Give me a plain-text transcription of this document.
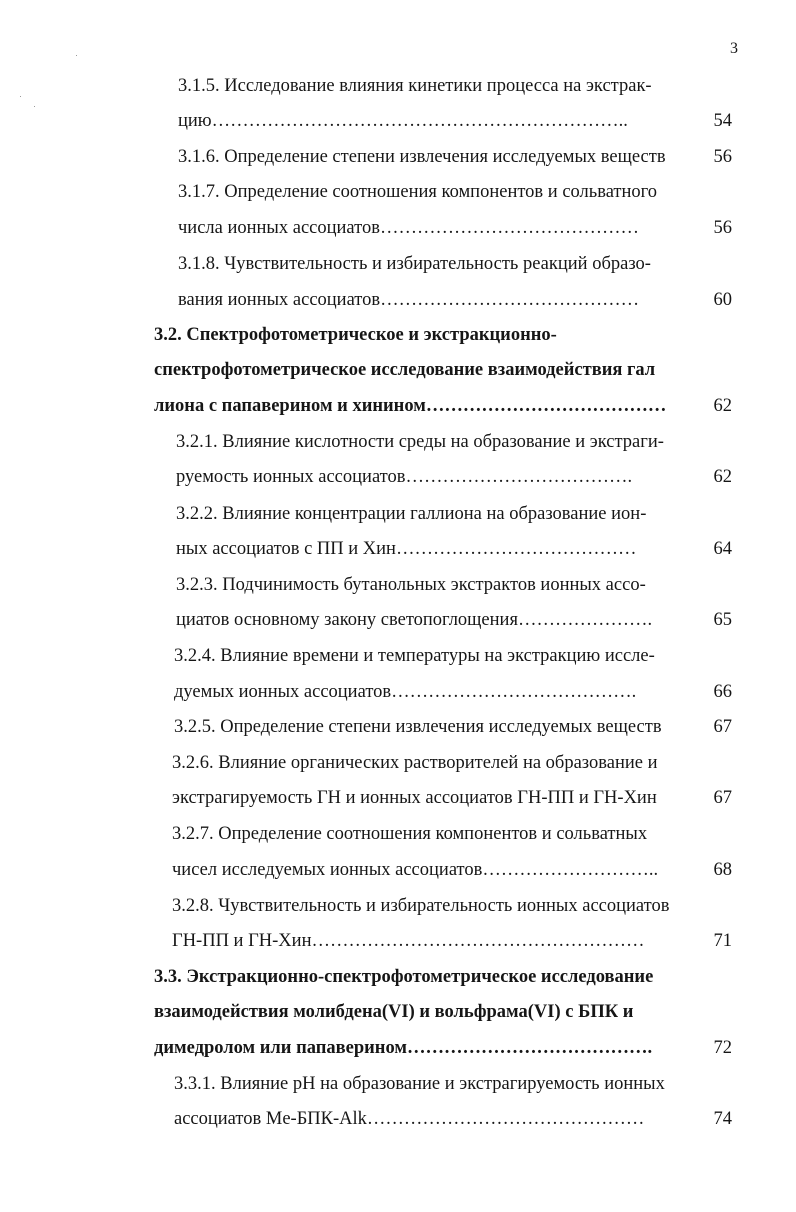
3
3.1.5. Исследование влияния кинетики процесса на экстрак-
цию…………………………………………………………..	54
3.1.6. Определение степени извлечения исследуемых веществ	56
3.1.7. Определение соотношения компонентов и сольватного
числа ионных ассоциатов……………………………………	56
3.1.8. Чувствительность и избирательность реакций образо-
вания ионных ассоциатов……………………………………	60
3.2. Спектрофотометрическое и экстракционно-
спектрофотометрическое исследование взаимодействия гал
лиона с папаверином и хинином…………………………………	62
3.2.1. Влияние кислотности среды на образование и экстраги-
руемость ионных ассоциатов……………………………….	62
3.2.2. Влияние концентрации галлиона на образование ион-
ных ассоциатов с ПП и Хин…………………………………	64
3.2.3. Подчинимость бутанольных экстрактов ионных ассо-
циатов основному закону светопоглощения………………….	65
3.2.4. Влияние времени и температуры на экстракцию иссле-
дуемых ионных ассоциатов………………………………….	66
3.2.5. Определение степени извлечения исследуемых веществ	67
3.2.6. Влияние органических растворителей на образование и
экстрагируемость ГН и ионных ассоциатов ГН-ПП и ГН-Хин	67
3.2.7. Определение соотношения компонентов и сольватных
чисел исследуемых ионных ассоциатов………………………..	68
3.2.8. Чувствительность и избирательность ионных ассоциатов
ГН-ПП и ГН-Хин………………………………………………	71
3.3. Экстракционно-спектрофотометрическое исследование
взаимодействия молибдена(VI) и вольфрама(VI) с БПК и
димедролом или папаверином………………………………….	72
3.3.1. Влияние pH на образование и экстрагируемость ионных
ассоциатов Me-БПК-Alk………………………………………	74
